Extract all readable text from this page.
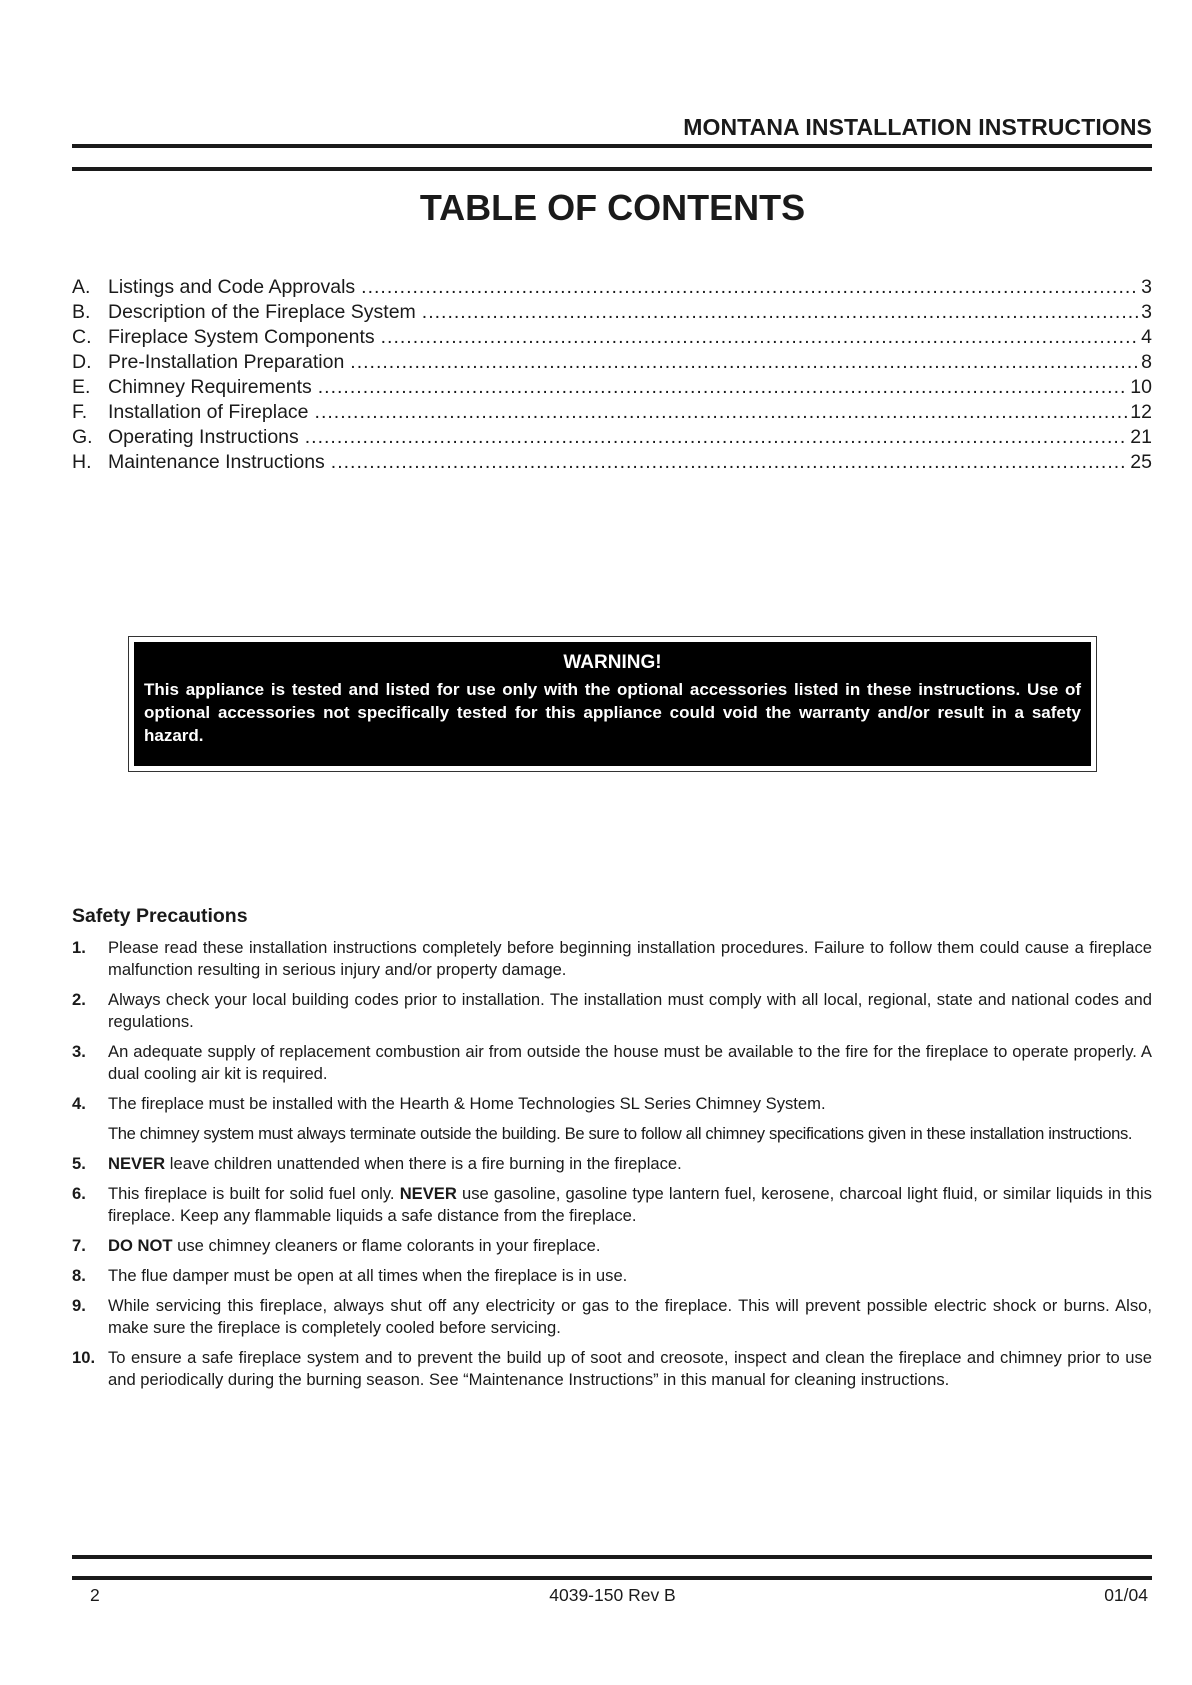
MONTANA INSTALLATION INSTRUCTIONS
TABLE OF CONTENTS
A. Listings and Code Approvals .....	3
B. Description of the Fireplace System .....	3
C. Fireplace System Components .....	4
D. Pre-Installation Preparation .....	8
E. Chimney Requirements .....	10
F.	Installation of Fireplace .....	12
G. Operating Instructions .....	21
H. Maintenance Instructions .....	25
WARNING!
This appliance is tested and listed for use only with the optional accessories listed in these instructions. Use of optional accessories not specifically tested for this appliance could void the warranty and/or result in a safety hazard.
Safety Precautions
1. Please read these installation instructions completely before beginning installation procedures. Failure to follow them could cause a fireplace malfunction resulting in serious injury and/or property damage.
2. Always check your local building codes prior to installation. The installation must comply with all local, regional, state and national codes and regulations.
3. An adequate supply of replacement combustion air from outside the house must be available to the fire for the fireplace to operate properly. A dual cooling air kit is required.
4. The fireplace must be installed with the Hearth & Home Technologies SL Series Chimney System.
The chimney system must always terminate outside the building. Be sure to follow all chimney specifications given in these installation instructions.
5. NEVER leave children unattended when there is a fire burning in the fireplace.
6. This fireplace is built for solid fuel only. NEVER use gasoline, gasoline type lantern fuel, kerosene, charcoal light fluid, or similar liquids in this fireplace. Keep any flammable liquids a safe distance from the fireplace.
7. DO NOT use chimney cleaners or flame colorants in your fireplace.
8. The flue damper must be open at all times when the fireplace is in use.
9. While servicing this fireplace, always shut off any electricity or gas to the fireplace. This will prevent possible electric shock or burns. Also, make sure the fireplace is completely cooled before servicing.
10. To ensure a safe fireplace system and to prevent the build up of soot and creosote, inspect and clean the fireplace and chimney prior to use and periodically during the burning season. See “Maintenance Instructions” in this manual for cleaning instructions.
2	4039-150 Rev B	01/04
